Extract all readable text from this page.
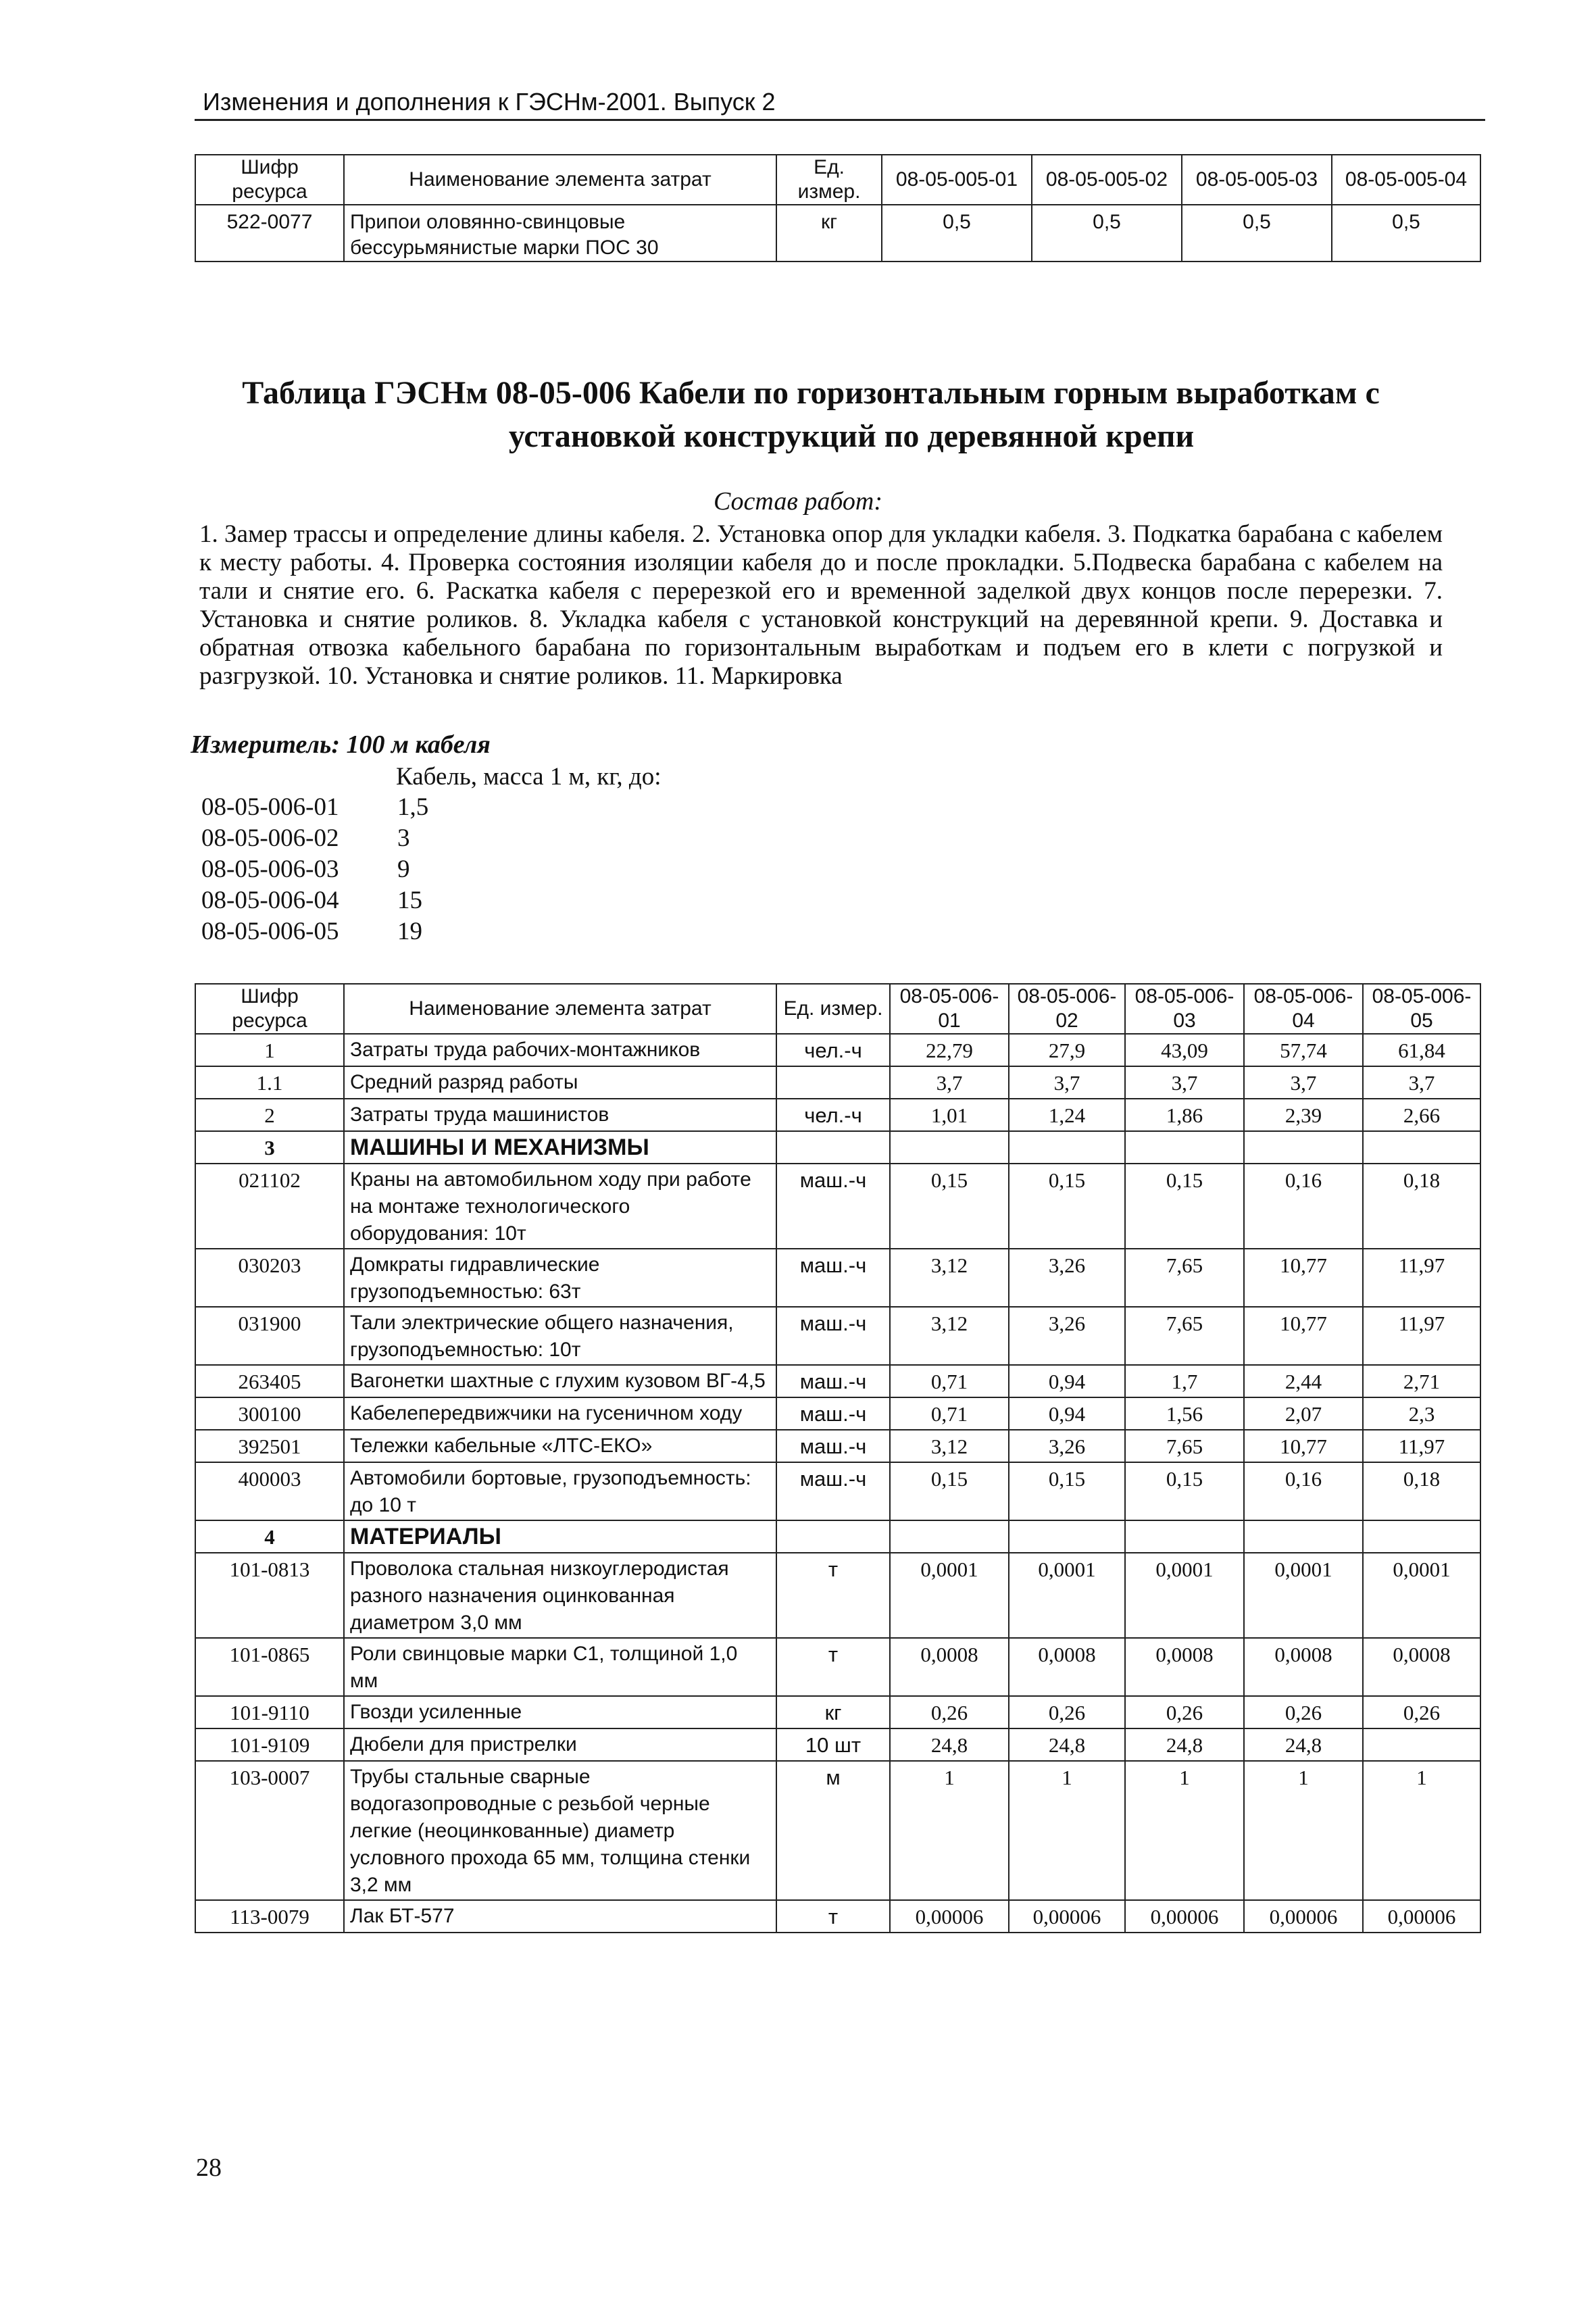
Изменения и дополнения к ГЭСНм-2001. Выпуск 2
Шифр ресурса	Наименование элемента затрат	Ед. измер.	08-05-005-01	08-05-005-02	08-05-005-03	08-05-005-04
522-0077	Припои оловянно-свинцовые бессурьмянистые марки ПОС 30	кг	0,5	0,5	0,5	0,5
Таблица ГЭСНм 08-05-006 Кабели по горизонтальным горным выработкам с
установкой конструкций по деревянной крепи
Состав работ:
1. Замер трассы и определение длины кабеля. 2. Установка опор для укладки кабеля. 3. Подкатка барабана с кабелем к месту работы. 4. Проверка состояния изоляции кабеля до и после прокладки. 5.Подвеска барабана с кабелем на тали и снятие его. 6. Раскатка кабеля с перерезкой его и временной заделкой двух концов после перерезки. 7. Установка и снятие роликов. 8. Укладка кабеля с установкой конструкций на деревянной крепи. 9. Доставка и обратная отвозка кабельного барабана по горизонтальным выработкам и подъем его в клети с погрузкой и разгрузкой. 10. Установка и снятие роликов. 11. Маркировка
Измеритель: 100 м кабеля
Кабель, масса 1 м, кг, до:
08-05-006-01	1,5
08-05-006-02	3
08-05-006-03	9
08-05-006-04	15
08-05-006-05	19
Шифр ресурса	Наименование элемента затрат	Ед. измер.	08-05-006-01	08-05-006-02	08-05-006-03	08-05-006-04	08-05-006-05
1	Затраты труда рабочих-монтажников	чел.-ч	22,79	27,9	43,09	57,74	61,84
1.1	Средний разряд работы		3,7	3,7	3,7	3,7	3,7
2	Затраты труда машинистов	чел.-ч	1,01	1,24	1,86	2,39	2,66
3	МАШИНЫ И МЕХАНИЗМЫ						
021102	Краны на автомобильном ходу при работе на монтаже технологического оборудования: 10т	маш.-ч	0,15	0,15	0,15	0,16	0,18
030203	Домкраты гидравлические грузоподъемностью: 63т	маш.-ч	3,12	3,26	7,65	10,77	11,97
031900	Тали электрические общего назначения, грузоподъемностью: 10т	маш.-ч	3,12	3,26	7,65	10,77	11,97
263405	Вагонетки шахтные с глухим кузовом ВГ-4,5	маш.-ч	0,71	0,94	1,7	2,44	2,71
300100	Кабелепередвижчики на гусеничном ходу	маш.-ч	0,71	0,94	1,56	2,07	2,3
392501	Тележки кабельные «ЛТС-ЕКО»	маш.-ч	3,12	3,26	7,65	10,77	11,97
400003	Автомобили бортовые, грузоподъемность: до 10 т	маш.-ч	0,15	0,15	0,15	0,16	0,18
4	МАТЕРИАЛЫ						
101-0813	Проволока стальная низкоуглеродистая разного назначения оцинкованная диаметром 3,0 мм	т	0,0001	0,0001	0,0001	0,0001	0,0001
101-0865	Роли свинцовые марки С1, толщиной 1,0 мм	т	0,0008	0,0008	0,0008	0,0008	0,0008
101-9110	Гвозди усиленные	кг	0,26	0,26	0,26	0,26	0,26
101-9109	Дюбели для пристрелки	10 шт	24,8	24,8	24,8	24,8	
103-0007	Трубы стальные сварные водогазопроводные с резьбой черные легкие (неоцинкованные) диаметр условного прохода 65 мм, толщина стенки 3,2 мм	м	1	1	1	1	1
113-0079	Лак БТ-577	т	0,00006	0,00006	0,00006	0,00006	0,00006
28
